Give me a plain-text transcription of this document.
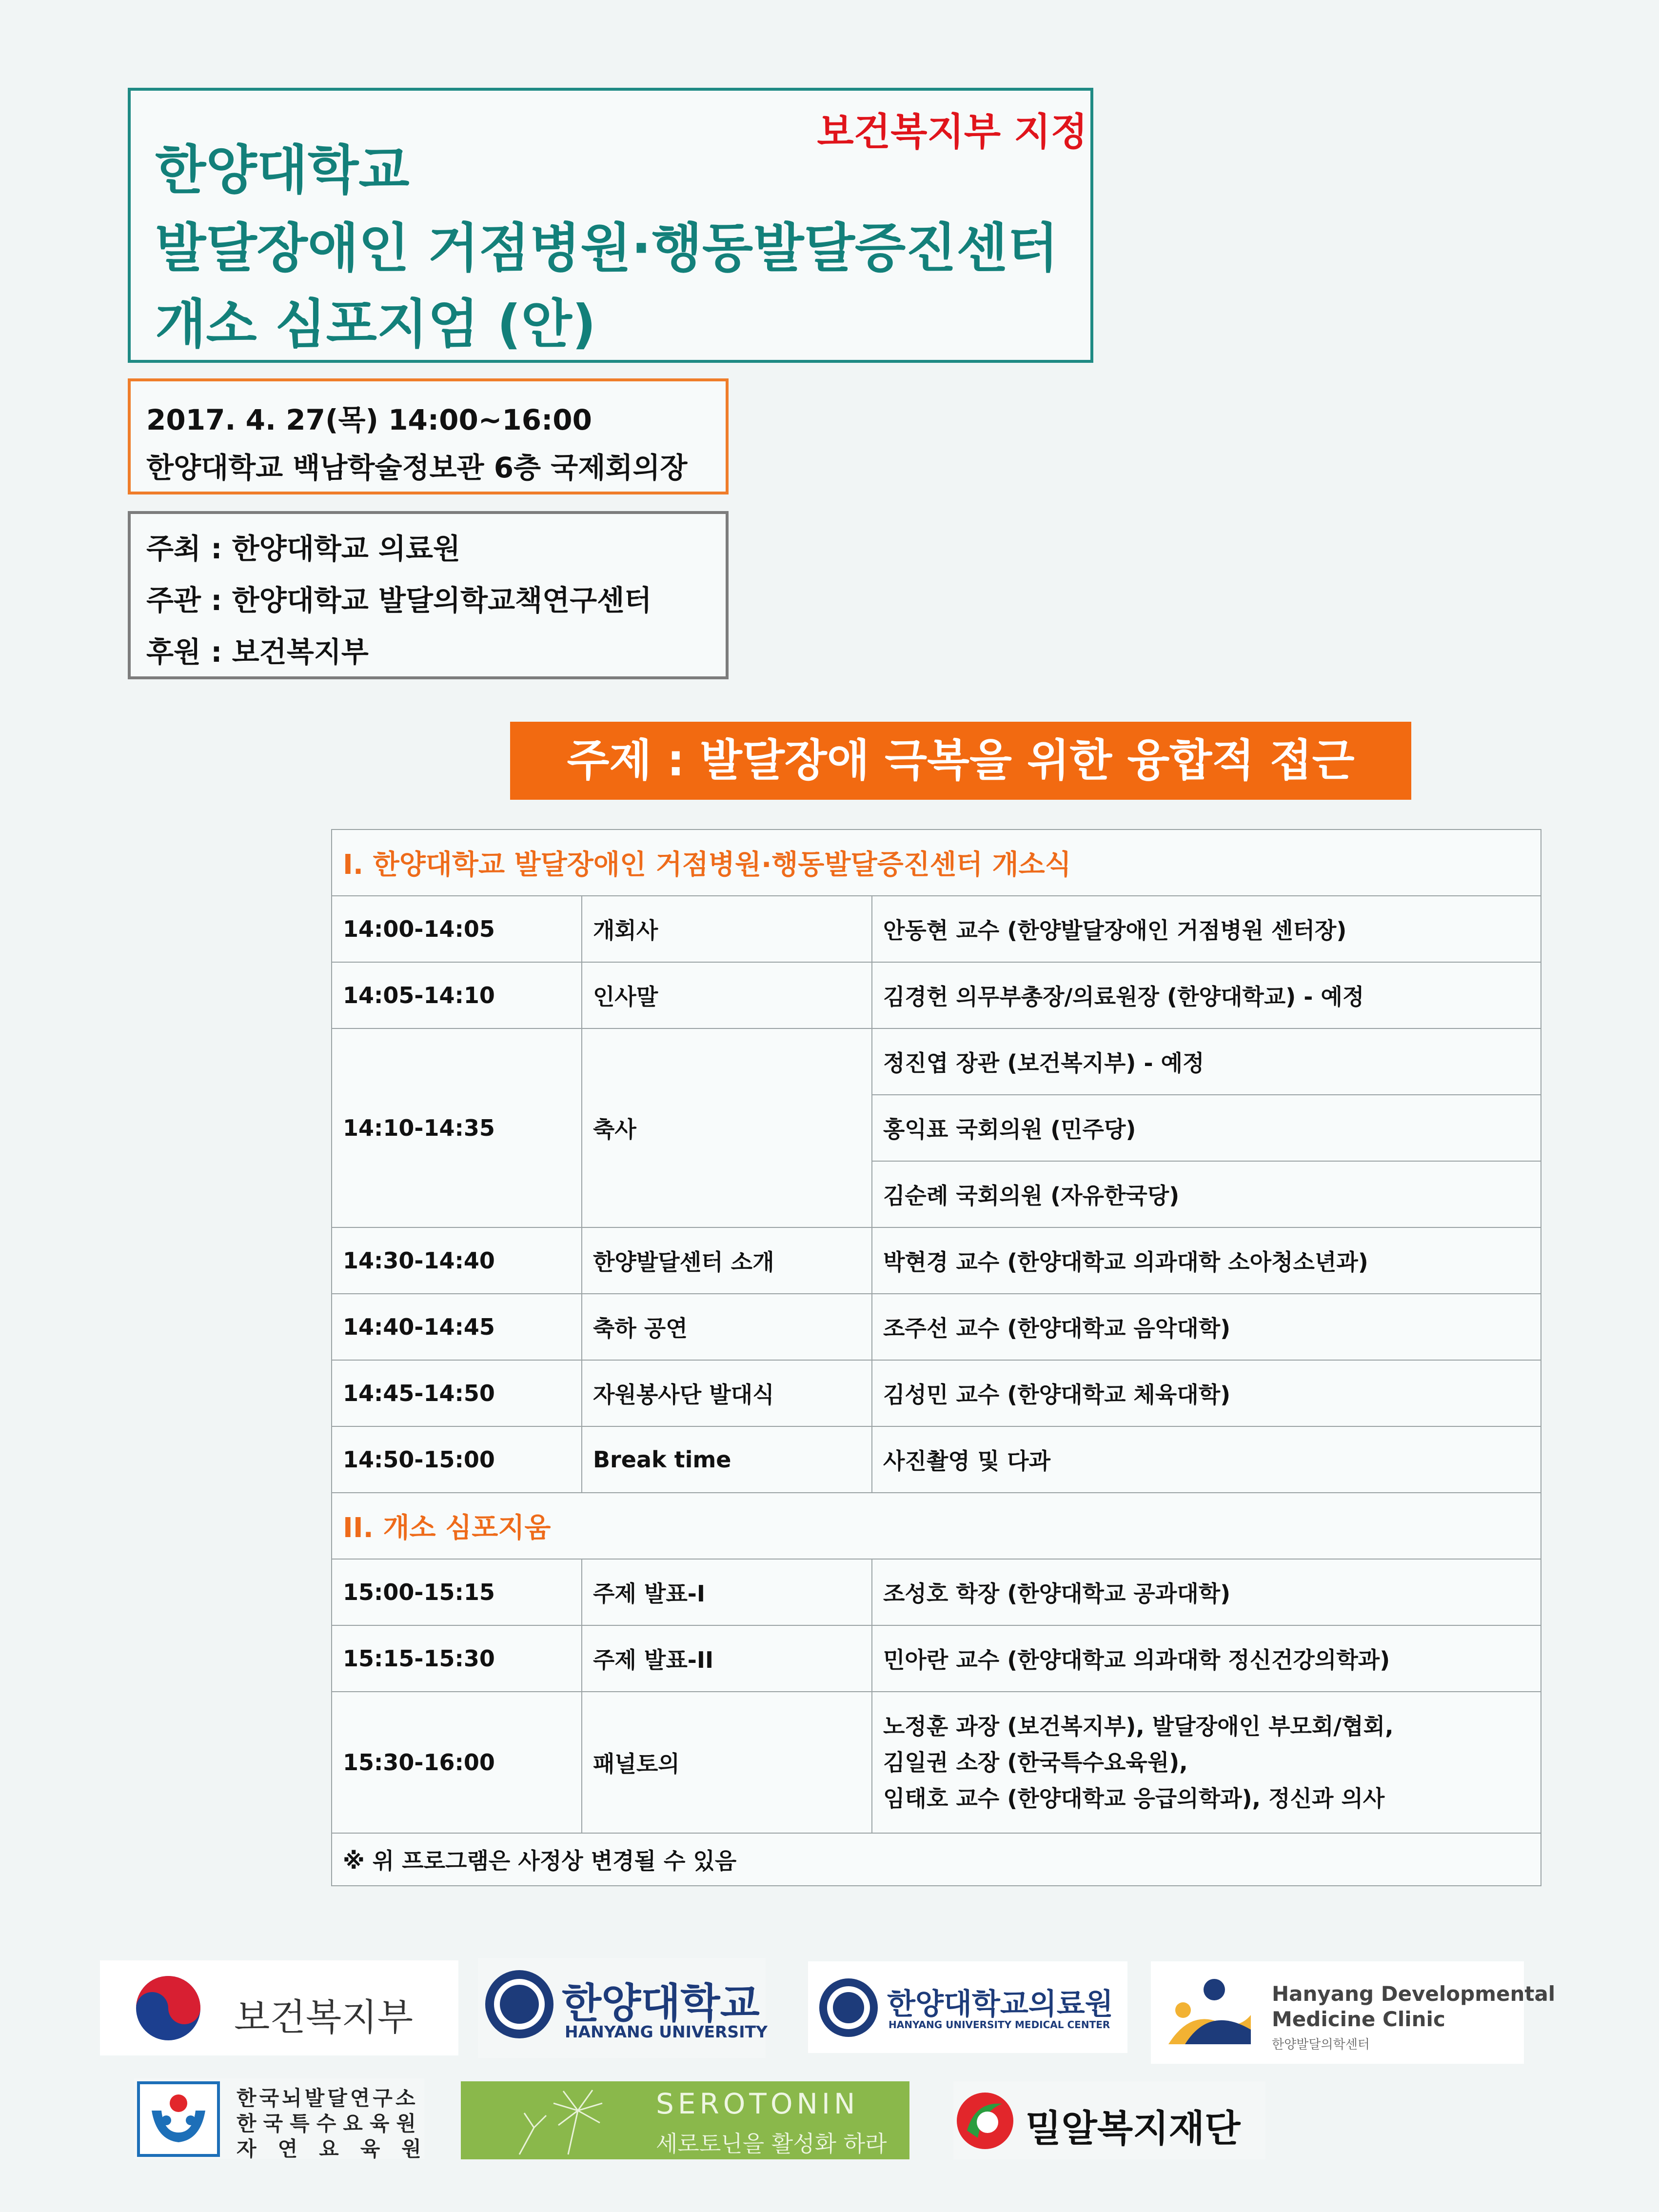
보건복지부 지정
한양대학교
발달장애인 거점병원·행동발달증진센터
개소 심포지엄 (안)
2017. 4. 27(목) 14:00~16:00
한양대학교 백남학술정보관 6층 국제회의장
주최 : 한양대학교 의료원
주관 : 한양대학교 발달의학교책연구센터
후원 : 보건복지부
주제 : 발달장애 극복을 위한 융합적 접근
I. 한양대학교 발달장애인 거점병원·행동발달증진센터 개소식		
14:00-14:05	개회사	안동현 교수 (한양발달장애인 거점병원 센터장)
14:05-14:10	인사말	김경헌 의무부총장/의료원장 (한양대학교) - 예정
14:10-14:35	축사	정진엽 장관 (보건복지부) - 예정
		홍익표 국회의원 (민주당)
		김순례 국회의원 (자유한국당)
14:30-14:40	한양발달센터 소개	박현경 교수 (한양대학교 의과대학 소아청소년과)
14:40-14:45	축하 공연	조주선 교수 (한양대학교 음악대학)
14:45-14:50	자원봉사단 발대식	김성민 교수 (한양대학교 체육대학)
14:50-15:00	Break time	사진촬영 및 다과
II. 개소 심포지움		
15:00-15:15	주제 발표-I	조성호 학장 (한양대학교 공과대학)
15:15-15:30	주제 발표-II	민아란 교수 (한양대학교 의과대학 정신건강의학과)
15:30-16:00	패널토의	노정훈 과장 (보건복지부), 발달장애인 부모회/협회,
김일권 소장 (한국특수요육원),
임태호 교수 (한양대학교 응급의학과), 정신과 의사

※ 위 프로그램은 사정상 변경될 수 있음		
보건복지부	한양대학교
HANYANG UNIVERSITY
한양대학교의료원
HANYANG UNIVERSITY MEDICAL CENTER
Hanyang Developmental
Medicine Clinic
한양발달의학센터
한국뇌발달연구소
한국특수요육원
자연요육원
SEROTONIN
세로토닌을 활성화 하라	밀알복지재단
